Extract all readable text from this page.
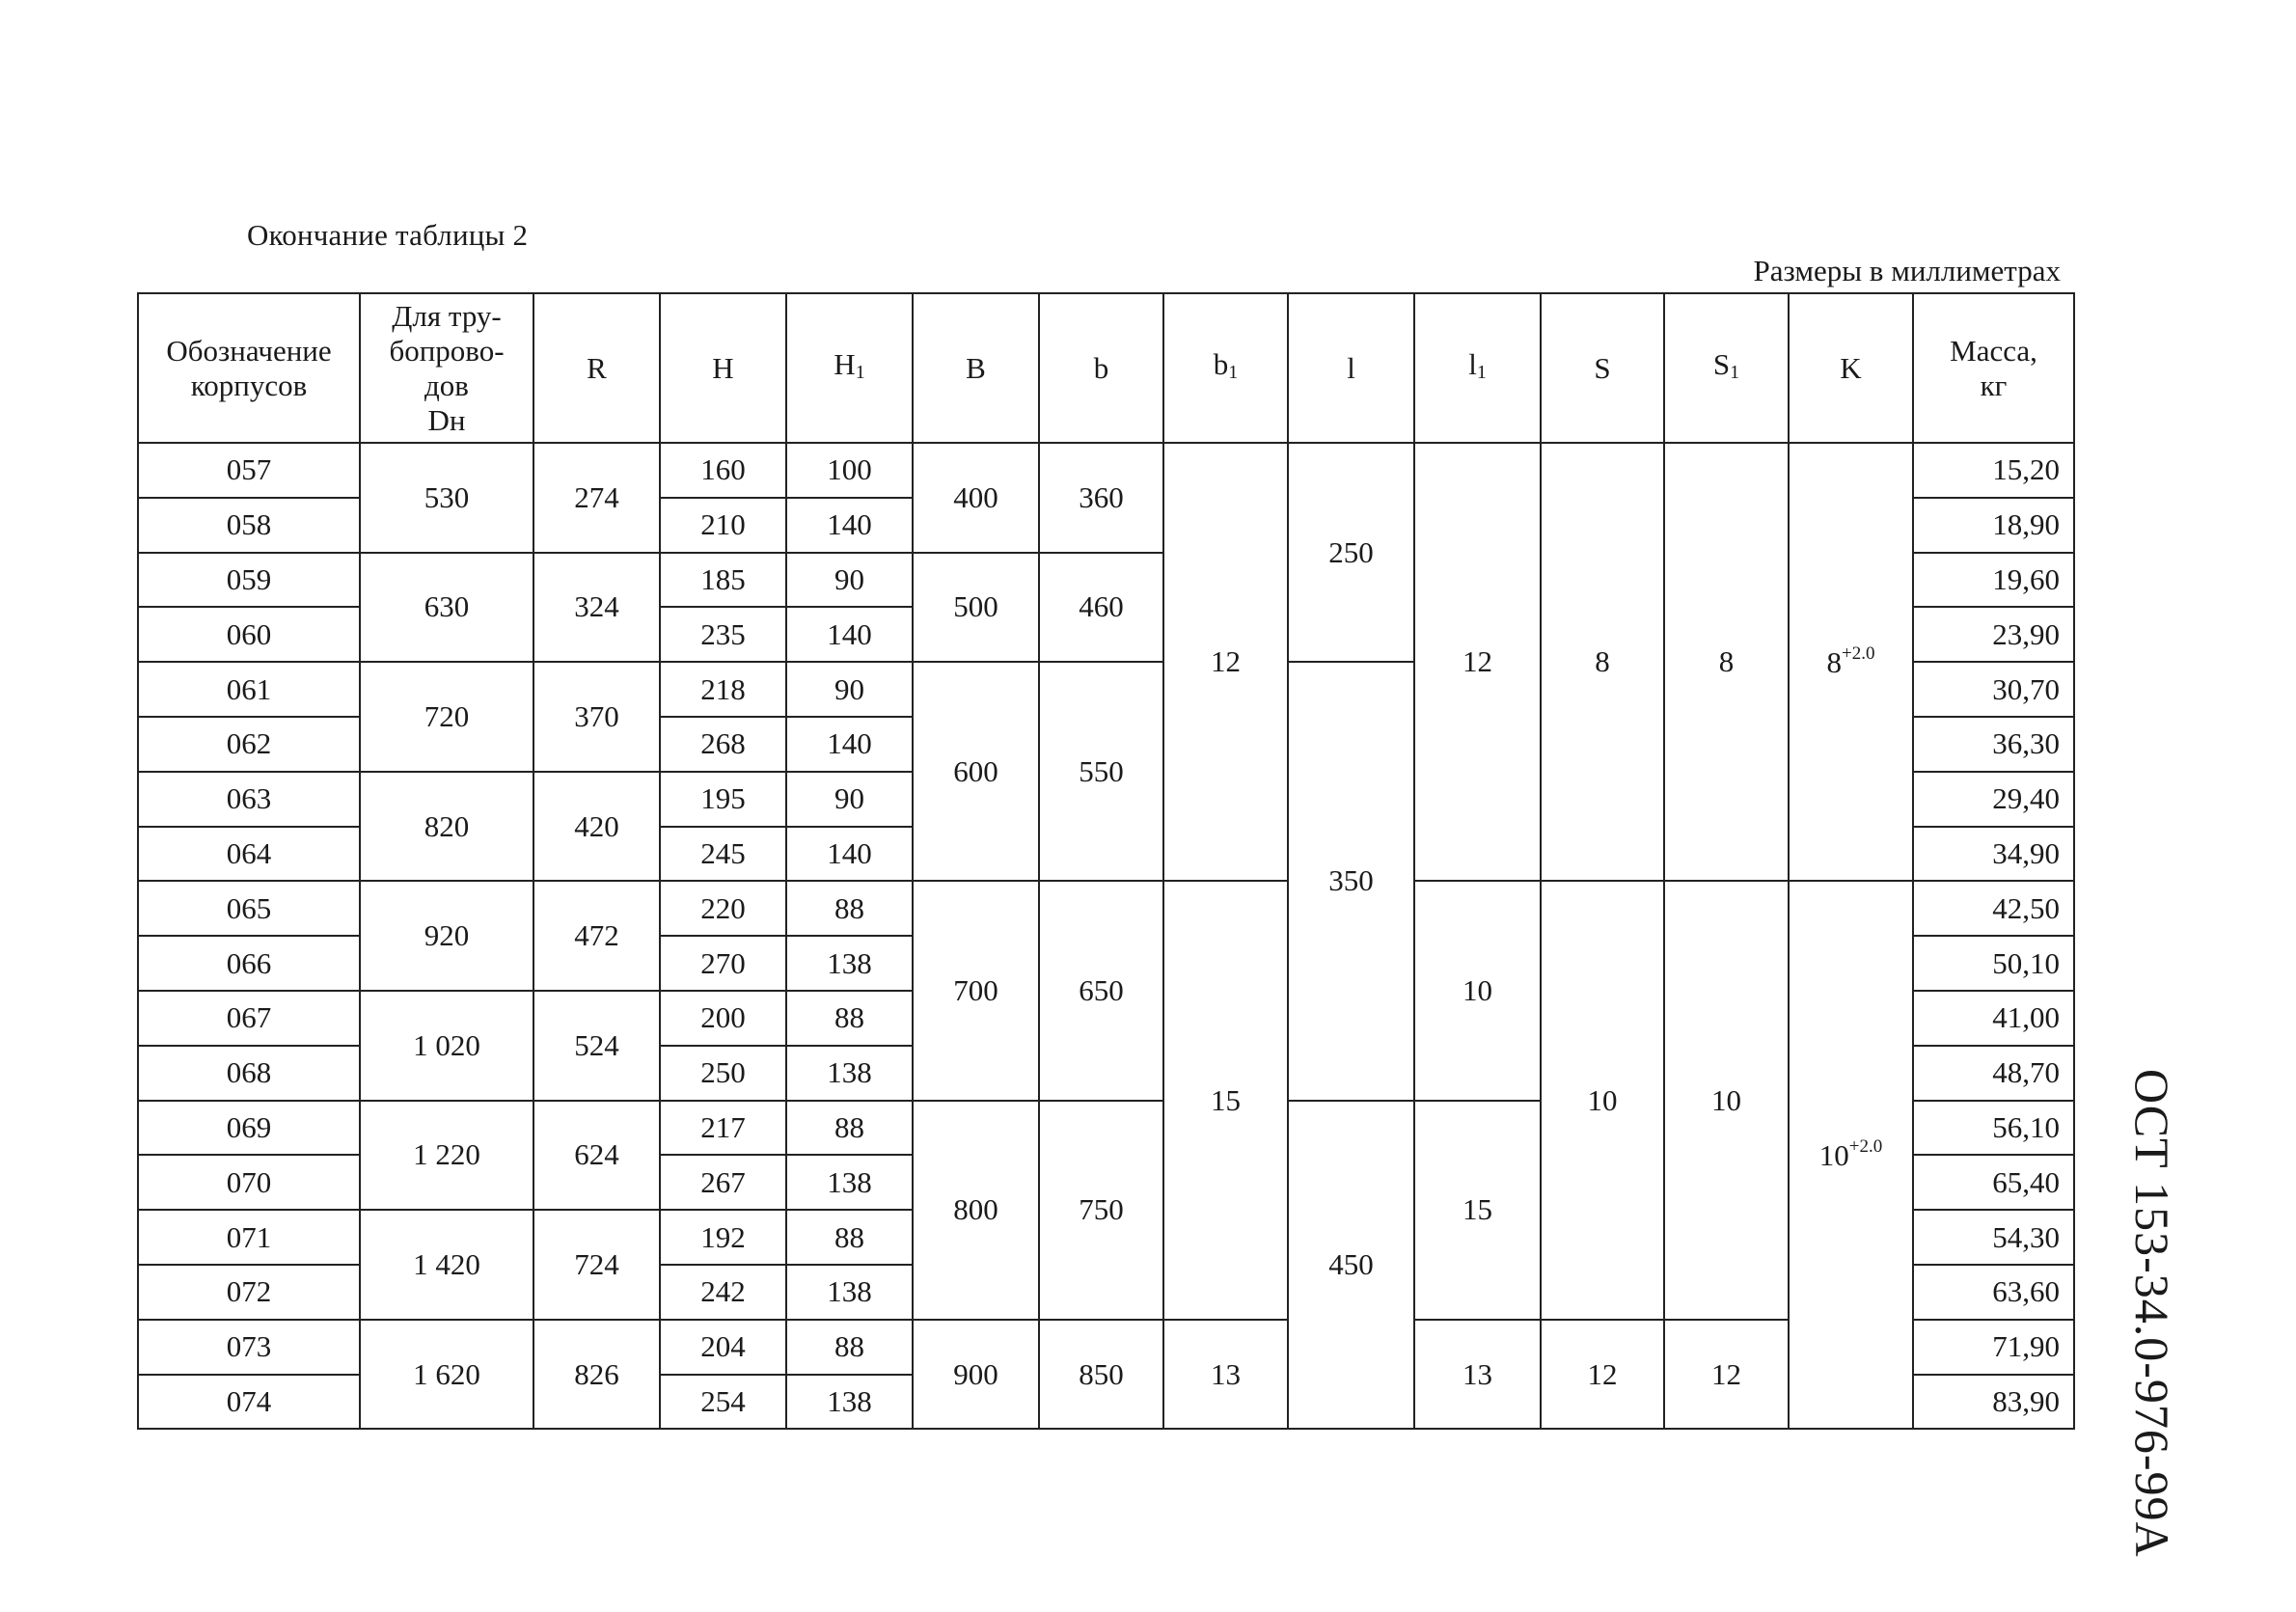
Окончание таблицы 2
Размеры в миллиметрах
ОСТ 153-34.0-976-99А
Обозначение
корпусов	Для тру-
бопрово-
дов
Dн	R	H	$H_1$	B	b	$b_1$	l	$l_1$	S	$S_1$	K	Масса,
кг
057	530	274	160	100	400	360	12	250	12	8	8	$8^{+2.0}$	15,20
058			210	140									18,90
059	630	324	185	90	500	460							19,60
060			235	140									23,90
061	720	370	218	90	600	550		350					30,70
062			268	140									36,30
063	820	420	195	90									29,40
064			245	140									34,90
065	920	472	220	88	700	650	15		10	10	10	$10^{+2.0}$	42,50
066			270	138									50,10
067	1 020	524	200	88									41,00
068			250	138									48,70
069	1 220	624	217	88	800	750		450	15				56,10
070			267	138									65,40
071	1 420	724	192	88									54,30
072			242	138									63,60
073	1 620	826	204	88	900	850	13		13	12	12		71,90
074			254	138									83,90
